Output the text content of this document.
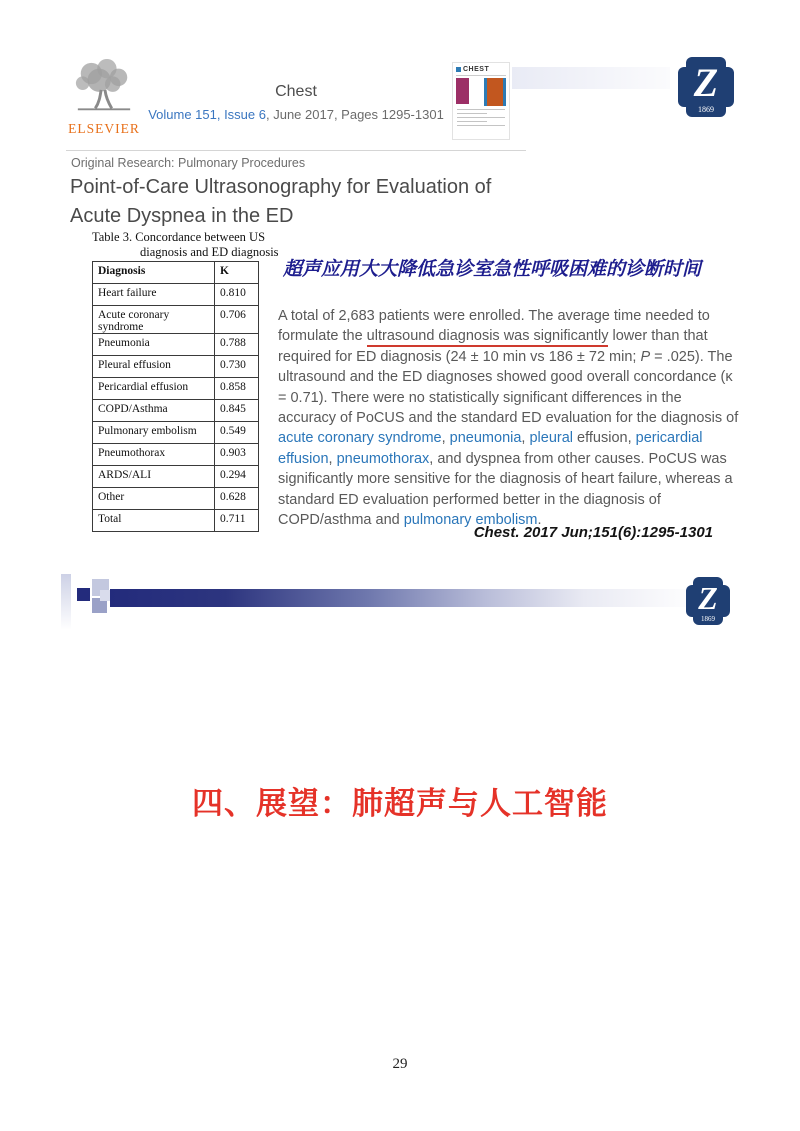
ELSEVIER
Chest
Volume 151, Issue 6, June 2017, Pages 1295-1301
CHEST	Z
1869
Original Research: Pulmonary Procedures
Point-of-Care Ultrasonography for Evaluation of Acute Dyspnea in the ED
Table 3. Concordance between US
diagnosis and ED diagnosis
Diagnosis	K
Heart failure	0.810
Acute coronary syndrome	0.706
Pneumonia	0.788
Pleural effusion	0.730
Pericardial effusion	0.858
COPD/Asthma	0.845
Pulmonary embolism	0.549
Pneumothorax	0.903
ARDS/ALI	0.294
Other	0.628
Total	0.711
超声应用大大降低急诊室急性呼吸困难的诊断时间

A total of 2,683 patients were enrolled. The average time needed to formulate the ultrasound diagnosis was significantly lower than that required for ED diagnosis (24 ± 10 min vs 186 ± 72 min; P = .025). The ultrasound and the ED diagnoses showed good overall concordance (κ = 0.71). There were no statistically significant differences in the accuracy of PoCUS and the standard ED evaluation for the diagnosis of acute coronary syndrome, pneumonia, pleural effusion, pericardial effusion, pneumothorax, and dyspnea from other causes. PoCUS was significantly more sensitive for the diagnosis of heart failure, whereas a standard ED evaluation performed better in the diagnosis of COPD/asthma and pulmonary embolism.

Chest. 2017 Jun;151(6):1295-1301
Z
1869
四、展望：肺超声与人工智能
29
